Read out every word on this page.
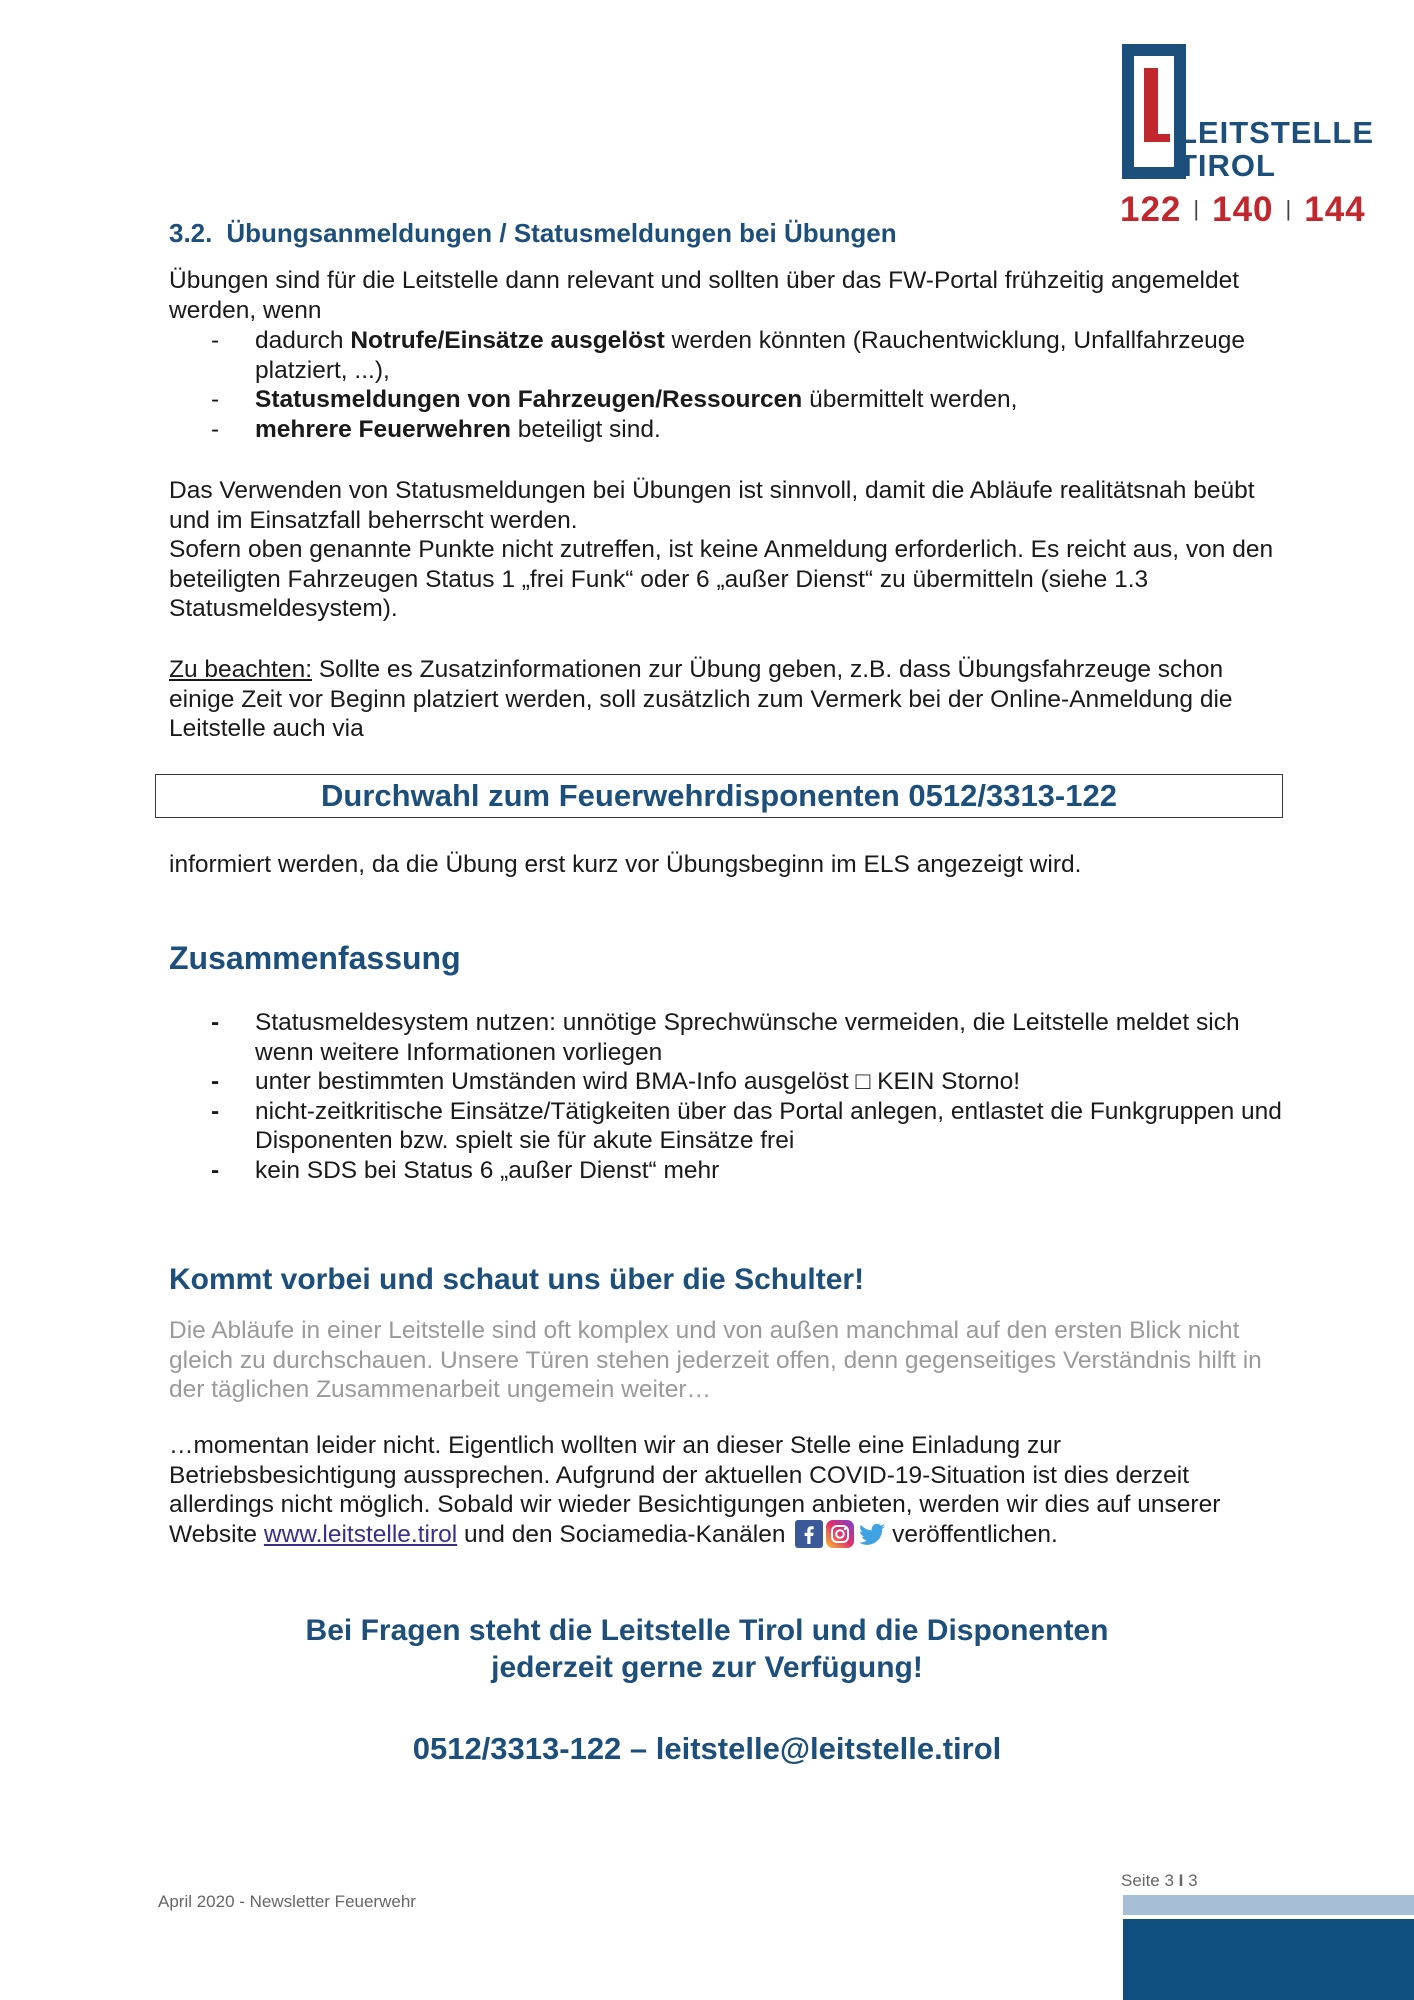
LEITSTELLE
TIROL
122 | 140 | 144
3.2. Übungsanmeldungen / Statusmeldungen bei Übungen

Übungen sind für die Leitstelle dann relevant und sollten über das FW-Portal frühzeitig angemeldet werden, wenn

- dadurch Notrufe/Einsätze ausgelöst werden könnten (Rauchentwicklung, Unfallfahrzeuge platziert, ...),
- Statusmeldungen von Fahrzeugen/Ressourcen übermittelt werden,
- mehrere Feuerwehren beteiligt sind.

Das Verwenden von Statusmeldungen bei Übungen ist sinnvoll, damit die Abläufe realitätsnah beübt und im Einsatzfall beherrscht werden.

Sofern oben genannte Punkte nicht zutreffen, ist keine Anmeldung erforderlich. Es reicht aus, von den beteiligten Fahrzeugen Status 1 „frei Funk“ oder 6 „außer Dienst“ zu übermitteln (siehe 1.3 Statusmeldesystem).

Zu beachten: Sollte es Zusatzinformationen zur Übung geben, z.B. dass Übungsfahrzeuge schon einige Zeit vor Beginn platziert werden, soll zusätzlich zum Vermerk bei der Online-Anmeldung die Leitstelle auch via

Durchwahl zum Feuerwehrdisponenten 0512/3313-122

informiert werden, da die Übung erst kurz vor Übungsbeginn im ELS angezeigt wird.

Zusammenfassung
- Statusmeldesystem nutzen: unnötige Sprechwünsche vermeiden, die Leitstelle meldet sich wenn weitere Informationen vorliegen
- unter bestimmten Umständen wird BMA-Info ausgelöst □ KEIN Storno!
- nicht-zeitkritische Einsätze/Tätigkeiten über das Portal anlegen, entlastet die Funkgruppen und Disponenten bzw. spielt sie für akute Einsätze frei
- kein SDS bei Status 6 „außer Dienst“ mehr
Kommt vorbei und schaut uns über die Schulter!

Die Abläufe in einer Leitstelle sind oft komplex und von außen manchmal auf den ersten Blick nicht gleich zu durchschauen. Unsere Türen stehen jederzeit offen, denn gegenseitiges Verständnis hilft in der täglichen Zusammenarbeit ungemein weiter…

…momentan leider nicht. Eigentlich wollten wir an dieser Stelle eine Einladung zur Betriebsbesichtigung aussprechen. Aufgrund der aktuellen COVID-19-Situation ist dies derzeit allerdings nicht möglich. Sobald wir wieder Besichtigungen anbieten, werden wir dies auf unserer Website www.leitstelle.tirol und den Sociamedia-Kanälen	veröffentlichen.

Bei Fragen steht die Leitstelle Tirol und die Disponenten
jederzeit gerne zur Verfügung!

0512/3313-122 – leitstelle@leitstelle.tirol

April 2020 - Newsletter Feuerwehr
Seite 3 I 3
